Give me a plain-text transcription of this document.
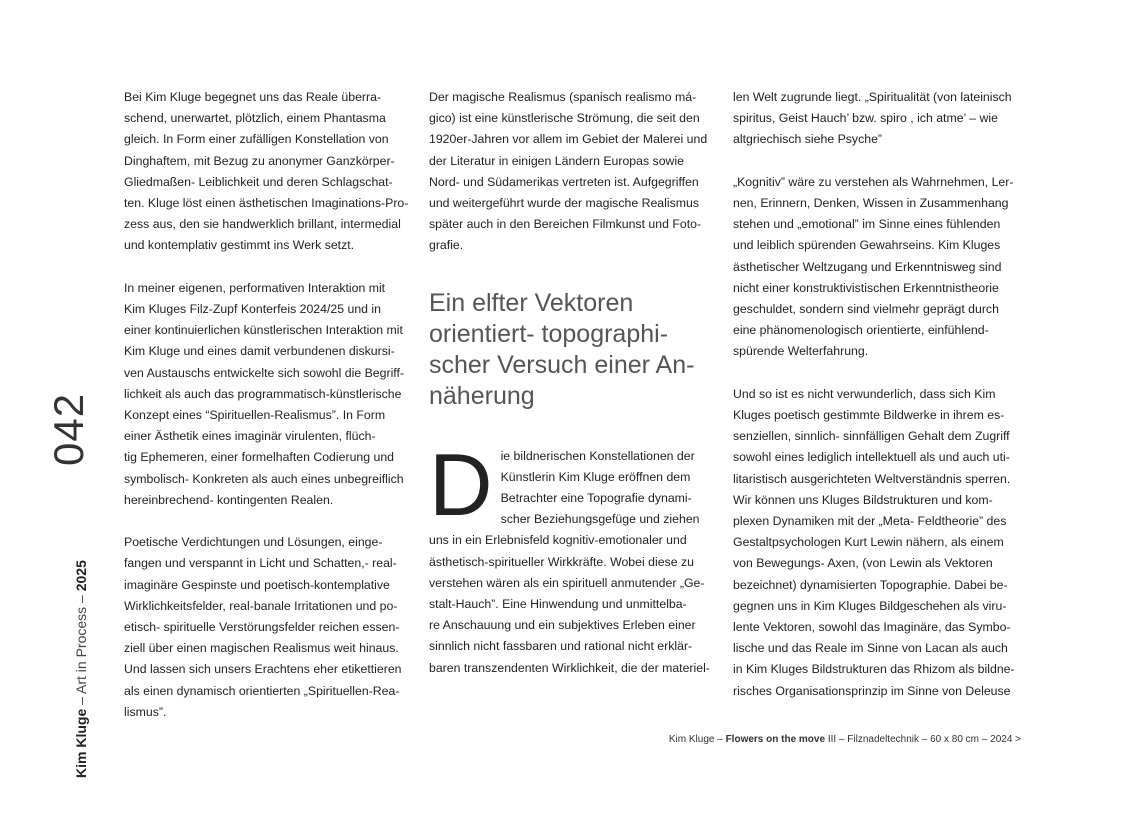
Kim Kluge – Art in Process – 2025
042

Bei Kim Kluge begegnet uns das Reale überra-
schend, unerwartet, plötzlich, einem Phantasma
gleich. In Form einer zufälligen Konstellation von
Dinghaftem, mit Bezug zu anonymer Ganzkörper-
Gliedmaßen- Leiblichkeit und deren Schlagschat-
ten. Kluge löst einen ästhetischen Imaginations-Pro-
zess aus, den sie handwerklich brillant, intermedial
und kontemplativ gestimmt ins Werk setzt.

In meiner eigenen, performativen Interaktion mit
Kim Kluges Filz-Zupf Konterfeis 2024/25 und in
einer kontinuierlichen künstlerischen Interaktion mit
Kim Kluge und eines damit verbundenen diskursi-
ven Austauschs entwickelte sich sowohl die Begriff-
lichkeit als auch das programmatisch-künstlerische
Konzept eines “Spirituellen-Realismus”. In Form
einer Ästhetik eines imaginär virulenten, flüch-
tig Ephemeren, einer formelhaften Codierung und
symbolisch- Konkreten als auch eines unbegreiflich
hereinbrechend- kontingenten Realen.

Poetische Verdichtungen und Lösungen, einge-
fangen und verspannt in Licht und Schatten,- real-
imaginäre Gespinste und poetisch-kontemplative
Wirklichkeitsfelder, real-banale Irritationen und po-
etisch- spirituelle Verstörungsfelder reichen essen-
ziell über einen magischen Realismus weit hinaus.
Und lassen sich unsers Erachtens eher etikettieren
als einen dynamisch orientierten „Spirituellen-Rea-
lismus”.

Der magische Realismus (spanisch realismo má-
gico) ist eine künstlerische Strömung, die seit den
1920er-Jahren vor allem im Gebiet der Malerei und
der Literatur in einigen Ländern Europas sowie
Nord- und Südamerikas vertreten ist. Aufgegriffen
und weitergeführt wurde der magische Realismus
später auch in den Bereichen Filmkunst und Foto-
grafie.

Ein elfter Vektoren
orientiert- topographi-
scher Versuch einer An-
näherung

Die bildnerischen Konstellationen der
Künstlerin Kim Kluge eröffnen dem
Betrachter eine Topografie dynami-
scher Beziehungsgefüge und ziehen
uns in ein Erlebnisfeld kognitiv-emotionaler und
ästhetisch-spiritueller Wirkkräfte. Wobei diese zu
verstehen wären als ein spirituell anmutender „Ge-
stalt-Hauch”. Eine Hinwendung und unmittelba-
re Anschauung und ein subjektives Erleben einer
sinnlich nicht fassbaren und rational nicht erklär-
baren transzendenten Wirklichkeit, die der materiel-

len Welt zugrunde liegt. „Spiritualität (von lateinisch
spiritus, Geist Hauch’ bzw. spiro , ich atme’ – wie
altgriechisch siehe Psyche”

„Kognitiv” wäre zu verstehen als Wahrnehmen, Ler-
nen, Erinnern, Denken, Wissen in Zusammenhang
stehen und „emotional” im Sinne eines fühlenden
und leiblich spürenden Gewahrseins. Kim Kluges
ästhetischer Weltzugang und Erkenntnisweg sind
nicht einer konstruktivistischen Erkenntnistheorie
geschuldet, sondern sind vielmehr geprägt durch
eine phänomenologisch orientierte, einfühlend-
spürende Welterfahrung.

Und so ist es nicht verwunderlich, dass sich Kim
Kluges poetisch gestimmte Bildwerke in ihrem es-
senziellen, sinnlich- sinnfälligen Gehalt dem Zugriff
sowohl eines lediglich intellektuell als und auch uti-
litaristisch ausgerichteten Weltverständnis sperren.
Wir können uns Kluges Bildstrukturen und kom-
plexen Dynamiken mit der „Meta- Feldtheorie” des
Gestaltpsychologen Kurt Lewin nähern, als einem
von Bewegungs- Axen, (von Lewin als Vektoren
bezeichnet) dynamisierten Topographie. Dabei be-
gegnen uns in Kim Kluges Bildgeschehen als viru-
lente Vektoren, sowohl das Imaginäre, das Symbo-
lische und das Reale im Sinne von Lacan als auch
in Kim Kluges Bildstrukturen das Rhizom als bildne-
risches Organisationsprinzip im Sinne von Deleuse

Kim Kluge – Flowers on the move III – Filznadeltechnik – 60 x 80 cm – 2024 >
